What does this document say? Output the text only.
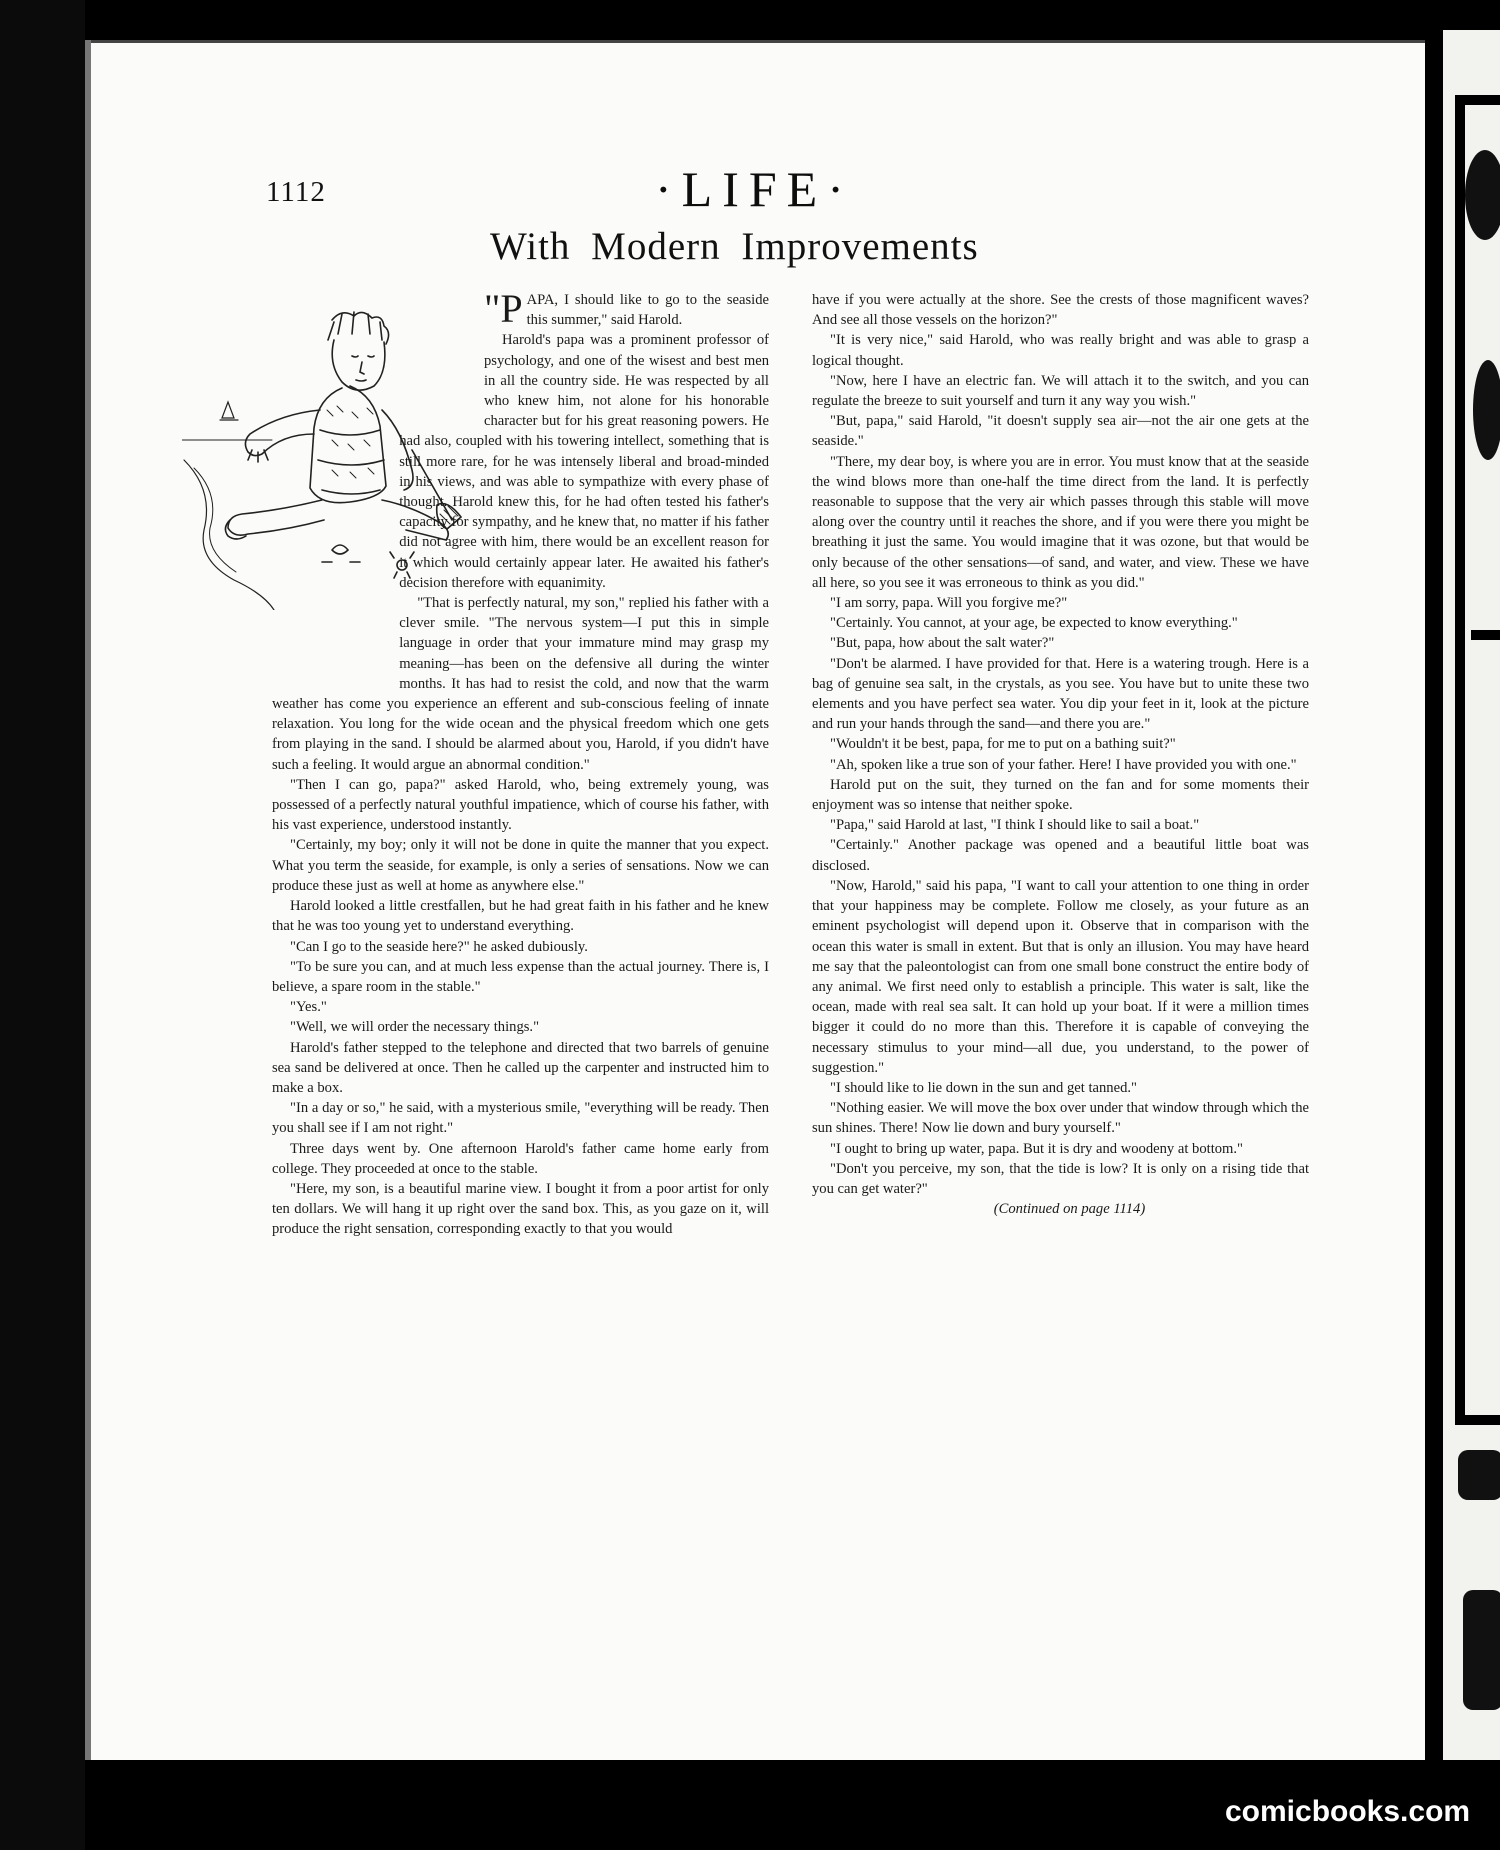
1112	·LIFE·
With Modern Improvements

"PAPA, I should like to go to the seaside this summer," said Harold.

Harold's papa was a prominent professor of psychology, and one of the wisest and best men in all the country side. He was respected by all who knew him, not alone for his honorable character but for his great reasoning powers. He had also, coupled with his towering intellect, something that is still more rare, for he was intensely liberal and broad-minded in his views, and was able to sympathize with every phase of thought. Harold knew this, for he had often tested his father's capacity for sympathy, and he knew that, no matter if his father did not agree with him, there would be an excellent reason for it which would certainly appear later. He awaited his father's decision therefore with equanimity.

"That is perfectly natural, my son," replied his father with a clever smile. "The nervous system—I put this in simple language in order that your immature mind may grasp my meaning—has been on the defensive all during the winter months. It has had to resist the cold, and now that the warm weather has come you experience an efferent and sub-conscious feeling of innate relaxation. You long for the wide ocean and the physical freedom which one gets from playing in the sand. I should be alarmed about you, Harold, if you didn't have such a feeling. It would argue an abnormal condition."

"Then I can go, papa?" asked Harold, who, being extremely young, was possessed of a perfectly natural youthful impatience, which of course his father, with his vast experience, understood instantly.

"Certainly, my boy; only it will not be done in quite the manner that you expect. What you term the seaside, for example, is only a series of sensations. Now we can produce these just as well at home as anywhere else."

Harold looked a little crestfallen, but he had great faith in his father and he knew that he was too young yet to understand everything.

"Can I go to the seaside here?" he asked dubiously.

"To be sure you can, and at much less expense than the actual journey. There is, I believe, a spare room in the stable."

"Yes."

"Well, we will order the necessary things."

Harold's father stepped to the telephone and directed that two barrels of genuine sea sand be delivered at once. Then he called up the carpenter and instructed him to make a box.

"In a day or so," he said, with a mysterious smile, "everything will be ready. Then you shall see if I am not right."

Three days went by. One afternoon Harold's father came home early from college. They proceeded at once to the stable.

"Here, my son, is a beautiful marine view. I bought it from a poor artist for only ten dollars. We will hang it up right over the sand box. This, as you gaze on it, will produce the right sensation, corresponding exactly to that you would

have if you were actually at the shore. See the crests of those magnificent waves? And see all those vessels on the horizon?"

"It is very nice," said Harold, who was really bright and was able to grasp a logical thought.

"Now, here I have an electric fan. We will attach it to the switch, and you can regulate the breeze to suit yourself and turn it any way you wish."

"But, papa," said Harold, "it doesn't supply sea air—not the air one gets at the seaside."

"There, my dear boy, is where you are in error. You must know that at the seaside the wind blows more than one-half the time direct from the land. It is perfectly reasonable to suppose that the very air which passes through this stable will move along over the country until it reaches the shore, and if you were there you might be breathing it just the same. You would imagine that it was ozone, but that would be only because of the other sensations—of sand, and water, and view. These we have all here, so you see it was erroneous to think as you did."

"I am sorry, papa. Will you forgive me?"

"Certainly. You cannot, at your age, be expected to know everything."

"But, papa, how about the salt water?"

"Don't be alarmed. I have provided for that. Here is a watering trough. Here is a bag of genuine sea salt, in the crystals, as you see. You have but to unite these two elements and you have perfect sea water. You dip your feet in it, look at the picture and run your hands through the sand—and there you are."

"Wouldn't it be best, papa, for me to put on a bathing suit?"

"Ah, spoken like a true son of your father. Here! I have provided you with one."

Harold put on the suit, they turned on the fan and for some moments their enjoyment was so intense that neither spoke.

"Papa," said Harold at last, "I think I should like to sail a boat."

"Certainly." Another package was opened and a beautiful little boat was disclosed.

"Now, Harold," said his papa, "I want to call your attention to one thing in order that your happiness may be complete. Follow me closely, as your future as an eminent psychologist will depend upon it. Observe that in comparison with the ocean this water is small in extent. But that is only an illusion. You may have heard me say that the paleontologist can from one small bone construct the entire body of any animal. We first need only to establish a principle. This water is salt, like the ocean, made with real sea salt. It can hold up your boat. If it were a million times bigger it could do no more than this. Therefore it is capable of conveying the necessary stimulus to your mind—all due, you understand, to the power of suggestion."

"I should like to lie down in the sun and get tanned."

"Nothing easier. We will move the box over under that window through which the sun shines. There! Now lie down and bury yourself."

"I ought to bring up water, papa. But it is dry and woodeny at bottom."

"Don't you perceive, my son, that the tide is low? It is only on a rising tide that you can get water?"

(Continued on page 1114)

comicbooks.com
